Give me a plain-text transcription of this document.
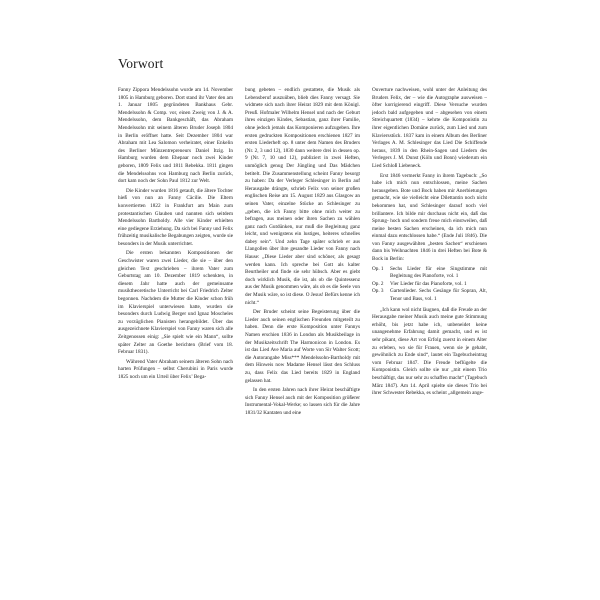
Vorwort

Fanny Zippora Mendelssohn wurde am 14. November 1805 in Hamburg geboren. Dort stand ihr Vater den am 1. Januar 1805 gegründeten Bankhaus Gebr. Mendelssohn & Comp. vor, einen Zweig von J. & A. Mendelssohn, dem Bankgeschäft, das Abraham Mendelssohn mit seinem älteren Bruder Joseph 1804 in Berlin eröffnet hatte. Seit Dezember 1804 war Abraham mit Lea Salomon verheiratet, einer Enkelin des Berliner Münzentrepreneurs Daniel Itzig. In Hamburg wurden dem Ehepaar noch zwei Kinder geboren, 1809 Felix und 1811 Rebekka. 1811 gingen die Mendelssohns von Hamburg nach Berlin zurück, dort kam noch der Sohn Paul 1812 zur Welt.

Die Kinder wurden 1816 getauft, die ältere Tochter hieß von nun an Fanny Cäcilie. Die Eltern konvertierten 1822 in Frankfurt am Main zum protestantischen Glauben und nannten sich seitdem Mendelssohn Bartholdy. Alle vier Kinder erhielten eine gediegene Erziehung. Da sich bei Fanny und Felix frühzeitig musikalische Begabungen zeigten, wurde sie besonders in der Musik unterrichtet.

Die ersten bekannten Kompositionen der Geschwister waren zwei Lieder, die sie – über den gleichen Text geschrieben – ihrem Vater zum Geburtstag am 10. Dezember 1819 schenkten, in diesem Jahr hatte auch der gemeinsame musiktheoretische Unterricht bei Carl Friedrich Zelter begonnen. Nachdem die Mutter die Kinder schon früh im Klavierspiel unterwiesen hatte, wurden sie besonders durch Ludwig Berger und Ignaz Moscheles zu vorzüglichen Pianisten herangebildet. Über das ausgezeichnete Klavierspiel von Fanny waren sich alle Zeitgenossen einig: „Sie spielt wie ein Mann“, sollte später Zelter an Goethe berichten (Brief vom 18. Februar 1831).

Während Vater Abraham seinem älteren Sohn nach harten Prüfungen – selbst Cherubini in Paris wurde 1825 noch um ein Urteil über Felix’ Bega-

bung gebeten – endlich gestattete, die Musik als Lebensberuf auszuüben, blieb dies Fanny versagt. Sie widmete sich nach ihrer Heirat 1829 mit dem Königl. Preuß. Hofmaler Wilhelm Hensel und nach der Geburt ihres einzigen Kindes, Sebastian, ganz ihrer Familie, ohne jedoch jemals das Komponieren aufzugeben. Ihre ersten gedruckten Kompositionen erschienen 1827 im ersten Liederheft op. 8 unter dem Namen des Bruders (Nr. 2, 3 und 12), 1830 dann weitere drei in dessen op. 9 (Nr. 7, 10 und 12), publiziert in zwei Heften, unmöglich genug Der Jüngling und Das Mädchen betitelt. Die Zusammenstellung scheint Fanny besorgt zu haben: Da der Verleger Schlesinger in Berlin auf Herausgabe drängte, schrieb Felix von seiner großen englischen Reise am 15. August 1829 aus Glasgow an seinen Vater, einzelne Stücke an Schlesinger zu „geben, die ich Fanny bitte ohne mich weiter zu befragen, aus meinen oder ihren Sachen zu wählen ganz nach Gutdünken, nur muß die Begleitung ganz leicht, und wenigstens ein lustiges, heiteres schnelles dabey sein“. Und zehn Tage später schrieb er aus Llangollen über ihre gesandte Lieder von Fanny nach Hause: „Diese Lieder aber sind schöner, als gesagt werden kann. Ich spreche bei Gott als kalter Beurtheiler und finde sie sehr hübsch. Aber es giebt doch wirklich Musik, die ist, als ob die Quintessenz aus der Musik genommen wäre, als ob es die Seele von der Musik wäre, so ist diese. O Jesus! Befürs kenne ich nicht.“

Der Bruder scheint seine Begeisterung über die Lieder auch seinen englischen Freunden mitgeteilt zu haben. Denn die erste Komposition unter Fannys Namen erschien 1836 in London als Musikbeilage in der Musikzeitschrift The Harmonicon in London. Es ist das Lied Ave Maria auf Worte von Sir Walter Scott; die Autorangabe Miss*** Mendelssohn-Bartholdy mit dem Hinweis now Madame Hensel lässt den Schluss zu, dass Felix das Lied bereits 1829 in England gelassen hat.

In den ersten Jahren nach ihrer Heirat beschäftigte sich Fanny Hensel auch mit der Komposition größerer Instrumental-Vokal-Werke; so lassen sich für die Jahre 1831/32 Kantaten und eine

Ouverture nachweisen, wohl unter der Anleitung des Bruders Felix, der – wie die Autographe ausweisen – öfter korrigierend eingriff. Diese Versuche wurden jedoch bald aufgegeben und – abgesehen von einem Streichquartett (1834) – kehrte die Komponistin zu ihrer eigentlichen Domäne zurück, zum Lied und zum Klaviersstück. 1837 kam in einem Album des Berliner Verlages A. M. Schlesinger das Lied Die Schiffende heraus, 1839 in den Rhein-Sagen und Liedern des Verlegers J. M. Dunst (Köln und Bonn) wiederum ein Lied Schloß Liebeneck.

Erst 1846 vermerkt Fanny in ihrem Tagebuch: „So habe ich mich nun entschlossen, meine Sachen herausgeben. Bote und Bock haben mir Anerbietungen gemacht, wie sie vielleicht eine Dilettantin noch nicht bekommen hat, und Schlesinger darauf noch viel brillantere. Ich bilde mir durchaus nicht ein, daß das Sprung- hoch und sondern freue mich einstweilen, daß meine besten Sachen erscheinen, da ich mich nun einmal dazu entschlossen habe.“ (Ende Juli 1846). Die von Fanny ausgewählten „besten Sachen“ erschienen dann bis Weihnachten 1846 in drei Heften bei Bote & Bock in Berlin:

Op. 1	Sechs Lieder für eine Singstimme mit Begleitung des Pianoforte, vol. 1
Op. 2	Vier Lieder für das Pianoforte, vol. 1
Op. 3	Gartenlieder. Sechs Gesänge für Sopran, Alt, Tenor und Bass, vol. 1

„Ich kann wol nicht läugnen, daß die Freude an der Herausgabe meiner Musik auch meine gute Stimmung erhöht, bis jetzt habe ich, unbeneidet keine unangenehme Erfahrung damit gemacht, und es ist sehr pikant, diese Art von Erfolg zuerst in einem Alter zu erleben, wo sie für Frauen, wenn sie je gehabt, gewöhnlich zu Ende sind“, lautet ein Tagebucheintrag vom Februar 1847. Die Freude beflügelte die Komponistin. Gleich sollte sie nur „mit einem Trio beschäftigt, das nur sehr zu schaffen macht“ (Tagebuch März 1847). Am 14. April spielte sie dieses Trio bei ihrer Schwester Rebekka, es scheint „allgemein ange-
